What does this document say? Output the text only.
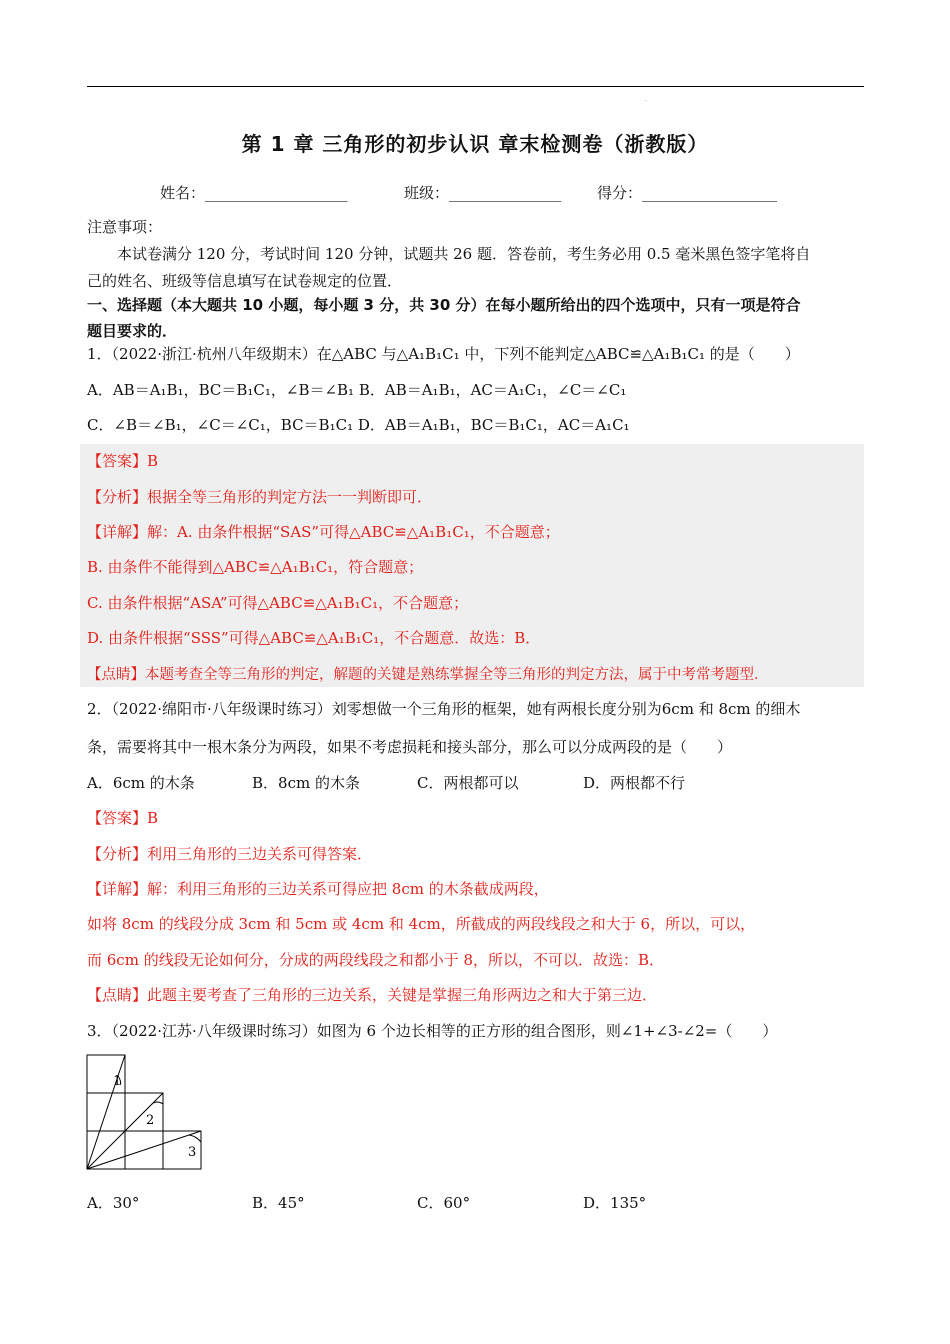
·
第 1 章 三角形的初步认识 章末检测卷（浙教版）
姓名：___________________	班级：_______________ 得分：__________________
注意事项：
本试卷满分 120 分，考试时间 120 分钟，试题共 26 题．答卷前，考生务必用 0.5 毫米黑色签字笔将自
己的姓名、班级等信息填写在试卷规定的位置．
一、选择题（本大题共 10 小题，每小题 3 分，共 30 分）在每小题所给出的四个选项中，只有一项是符合
题目要求的．
1．（2022·浙江·杭州八年级期末）在△ABC 与△A₁B₁C₁ 中，下列不能判定△ABC≌△A₁B₁C₁ 的是（　　）
A．AB＝A₁B₁，BC＝B₁C₁，∠B＝∠B₁ B．AB＝A₁B₁，AC＝A₁C₁，∠C＝∠C₁
C．∠B＝∠B₁，∠C＝∠C₁，BC＝B₁C₁ D．AB＝A₁B₁，BC＝B₁C₁，AC＝A₁C₁
【答案】B
【分析】根据全等三角形的判定方法一一判断即可．
【详解】解：A. 由条件根据“SAS”可得△ABC≌△A₁B₁C₁，不合题意；
B. 由条件不能得到△ABC≌△A₁B₁C₁，符合题意；
C. 由条件根据“ASA”可得△ABC≌△A₁B₁C₁，不合题意；
D. 由条件根据“SSS”可得△ABC≌△A₁B₁C₁，不合题意．故选：B．
【点睛】本题考查全等三角形的判定，解题的关键是熟练掌握全等三角形的判定方法，属于中考常考题型．
2．（2022·绵阳市·八年级课时练习）刘零想做一个三角形的框架，她有两根长度分别为6cm 和 8cm 的细木
条，需要将其中一根木条分为两段，如果不考虑损耗和接头部分，那么可以分成两段的是（　　）
A．6cm 的木条	B．8cm 的木条	C．两根都可以	D．两根都不行
【答案】B
【分析】利用三角形的三边关系可得答案．
【详解】解：利用三角形的三边关系可得应把 8cm 的木条截成两段，
如将 8cm 的线段分成 3cm 和 5cm 或 4cm 和 4cm，所截成的两段线段之和大于 6，所以，可以，
而 6cm 的线段无论如何分，分成的两段线段之和都小于 8，所以，不可以．故选：B．
【点睛】此题主要考查了三角形的三边关系，关键是掌握三角形两边之和大于第三边．
3．（2022·江苏·八年级课时练习）如图为 6 个边长相等的正方形的组合图形，则∠1+∠3-∠2=（　　）
1
2
3
A．30°	B．45°	C．60°	D．135°
